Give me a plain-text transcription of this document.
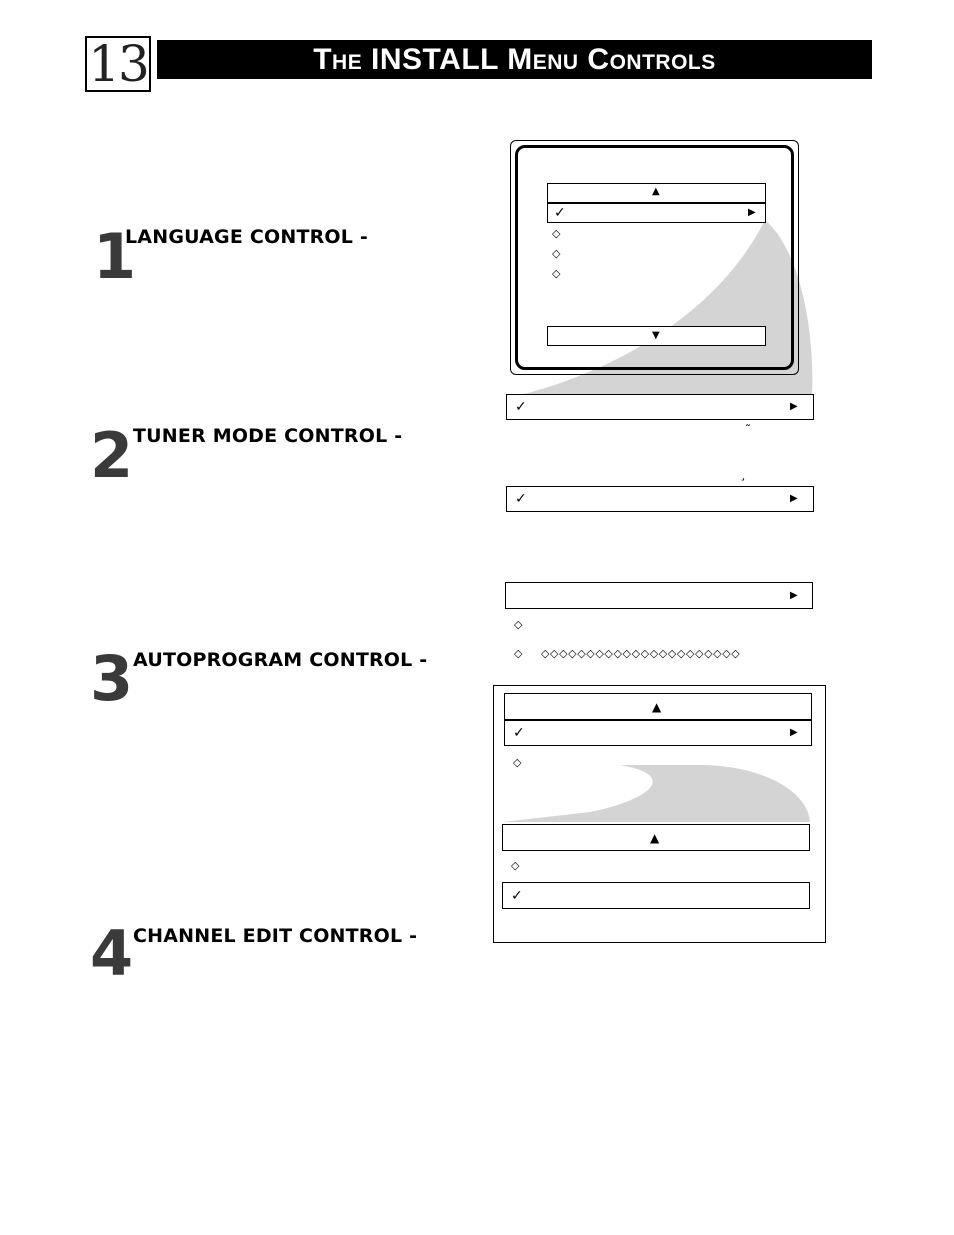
13	The INSTALL Menu Controls
1
LANGUAGE CONTROL -
2 TUNER MODE CONTROL -
3 AUTOPROGRAM CONTROL -
4 CHANNEL EDIT CONTROL -
▲
✓	▶
◇
◇
◇
▼
✓	▶
˜
¸
✓	▶
▶
◇
◇ ◇◇◇◇◇◇◇◇◇◇◇◇◇◇◇◇◇◇◇◇◇◇
▲
✓	▶
◇
▲
◇
✓
